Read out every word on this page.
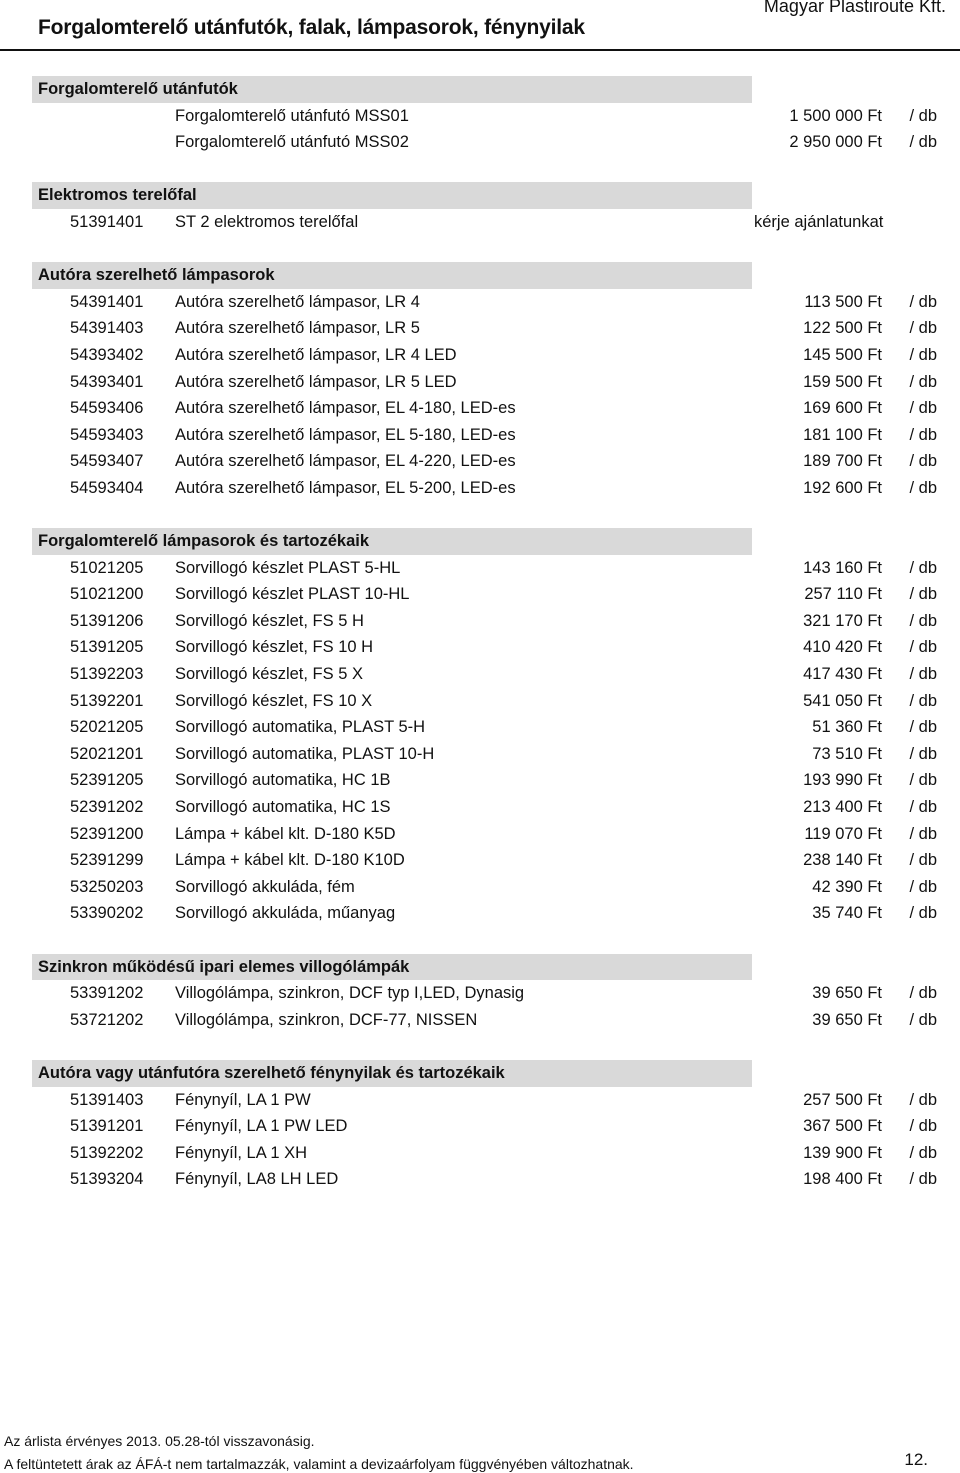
Forgalomterelő utánfutók, falak, lámpasorok, fénynyilak
Magyar Plastiroute Kft.
Forgalomterelő utánfutók
Forgalomterelő utánfutó MSS01	1 500 000 Ft / db
Forgalomterelő utánfutó MSS02	2 950 000 Ft / db
Elektromos terelőfal
51391401 ST 2 elektromos terelőfal	kérje ajánlatunkat
Autóra szerelhető lámpasorok
54391401 Autóra szerelhető lámpasor, LR 4	113 500 Ft / db
54391403 Autóra szerelhető lámpasor, LR 5	122 500 Ft / db
54393402 Autóra szerelhető lámpasor, LR 4 LED	145 500 Ft / db
54393401 Autóra szerelhető lámpasor, LR 5 LED	159 500 Ft / db
54593406 Autóra szerelhető lámpasor, EL 4-180, LED-es	169 600 Ft / db
54593403 Autóra szerelhető lámpasor, EL 5-180, LED-es	181 100 Ft / db
54593407 Autóra szerelhető lámpasor, EL 4-220, LED-es	189 700 Ft / db
54593404 Autóra szerelhető lámpasor, EL 5-200, LED-es	192 600 Ft / db
Forgalomterelő lámpasorok és tartozékaik
51021205 Sorvillogó készlet PLAST 5-HL	143 160 Ft / db
51021200 Sorvillogó készlet PLAST 10-HL	257 110 Ft / db
51391206 Sorvillogó készlet, FS 5 H	321 170 Ft / db
51391205 Sorvillogó készlet, FS 10 H	410 420 Ft / db
51392203 Sorvillogó készlet, FS 5 X	417 430 Ft / db
51392201 Sorvillogó készlet, FS 10 X	541 050 Ft / db
52021205 Sorvillogó automatika, PLAST 5-H	51 360 Ft / db
52021201 Sorvillogó automatika, PLAST 10-H	73 510 Ft / db
52391205 Sorvillogó automatika, HC 1B	193 990 Ft / db
52391202 Sorvillogó automatika, HC 1S	213 400 Ft / db
52391200 Lámpa + kábel klt. D-180 K5D	119 070 Ft / db
52391299 Lámpa + kábel klt. D-180 K10D	238 140 Ft / db
53250203 Sorvillogó akkuláda, fém	42 390 Ft / db
53390202 Sorvillogó akkuláda, műanyag	35 740 Ft / db
Szinkron működésű ipari elemes villogólámpák
53391202 Villogólámpa, szinkron, DCF typ I,LED, Dynasig	39 650 Ft / db
53721202 Villogólámpa, szinkron, DCF-77, NISSEN	39 650 Ft / db
Autóra vagy utánfutóra szerelhető fénynyilak és tartozékaik
51391403 Fénynyíl, LA 1 PW	257 500 Ft / db
51391201 Fénynyíl, LA 1 PW LED	367 500 Ft / db
51392202 Fénynyíl, LA 1 XH	139 900 Ft / db
51393204 Fénynyíl, LA8 LH LED	198 400 Ft / db
Az árlista érvényes 2013. 05.28-tól visszavonásig.
A feltüntetett árak az ÁFÁ-t nem tartalmazzák, valamint a devizaárfolyam függvényében változhatnak.	12.
